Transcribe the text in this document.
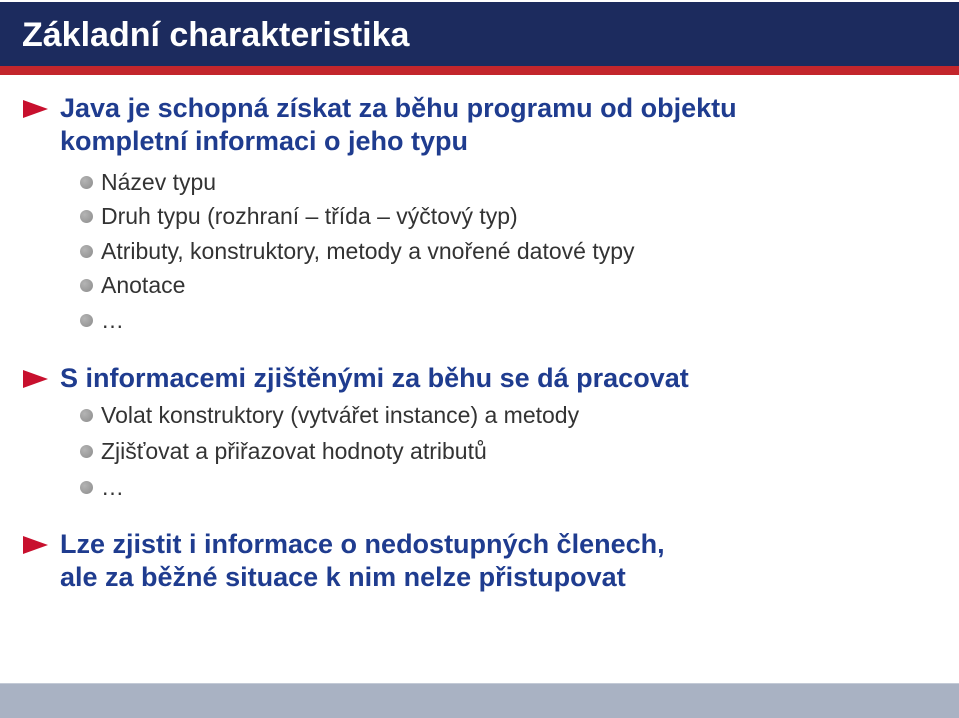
Základní charakteristika
Java je schopná získat za běhu programu od objektu
kompletní informaci o jeho typu
Název typu
Druh typu (rozhraní – třída – výčtový typ)
Atributy, konstruktory, metody a vnořené datové typy
Anotace
…
S informacemi zjištěnými za běhu se dá pracovat
Volat konstruktory (vytvářet instance) a metody
Zjišťovat a přiřazovat hodnoty atributů
…
Lze zjistit i informace o nedostupných členech,
ale za běžné situace k nim nelze přistupovat
